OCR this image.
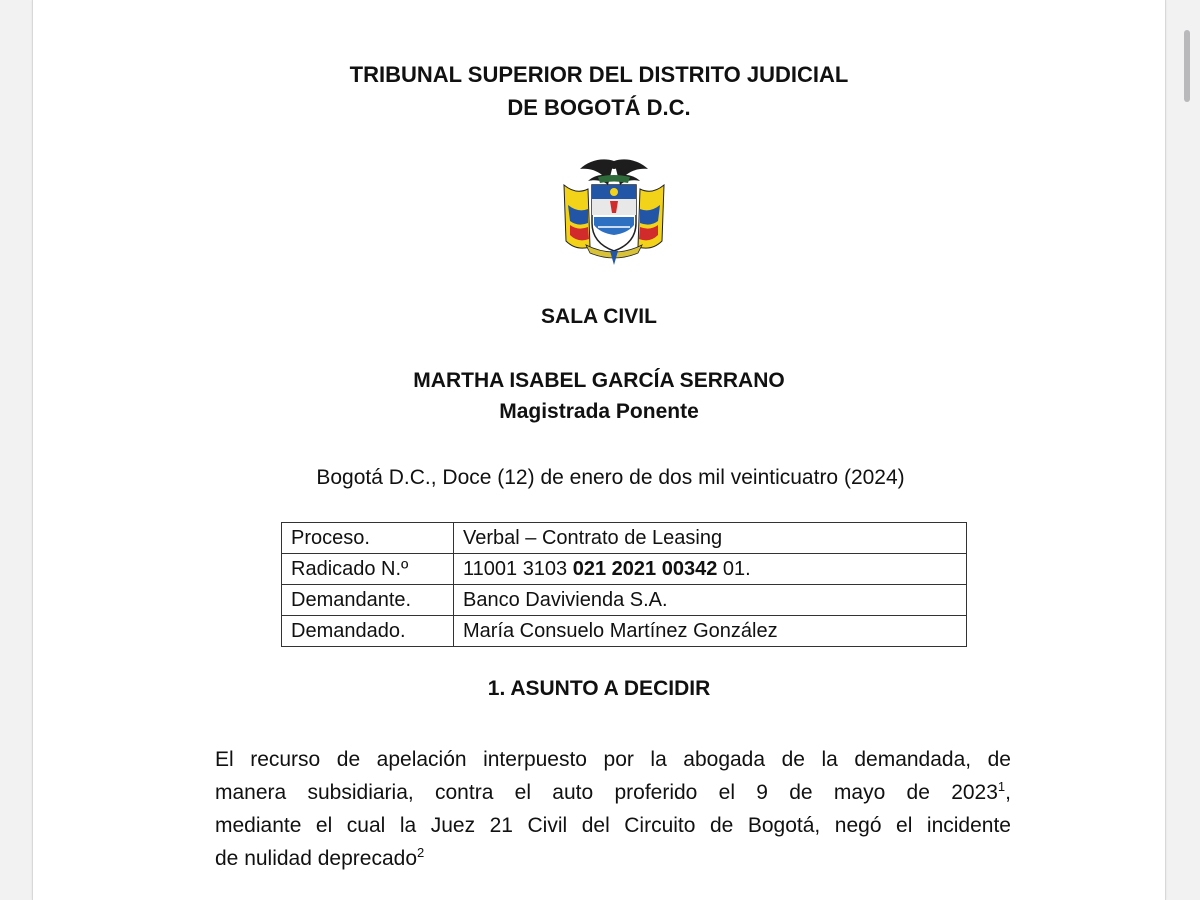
TRIBUNAL SUPERIOR DEL DISTRITO JUDICIAL
DE BOGOTÁ D.C.
SALA CIVIL
MARTHA ISABEL GARCÍA SERRANO
Magistrada Ponente
Bogotá D.C., Doce (12) de enero de dos mil veinticuatro (2024)
Proceso.	Verbal – Contrato de Leasing
Radicado N.º	11001 3103 021 2021 00342 01.
Demandante.	Banco Davivienda S.A.
Demandado.	María Consuelo Martínez González
1. ASUNTO A DECIDIR
El recurso de apelación interpuesto por la abogada de la demandada, de
manera subsidiaria, contra el auto proferido el 9 de mayo de 2023$^1$,
mediante el cual la Juez 21 Civil del Circuito de Bogotá, negó el incidente
de nulidad deprecado$^2$
